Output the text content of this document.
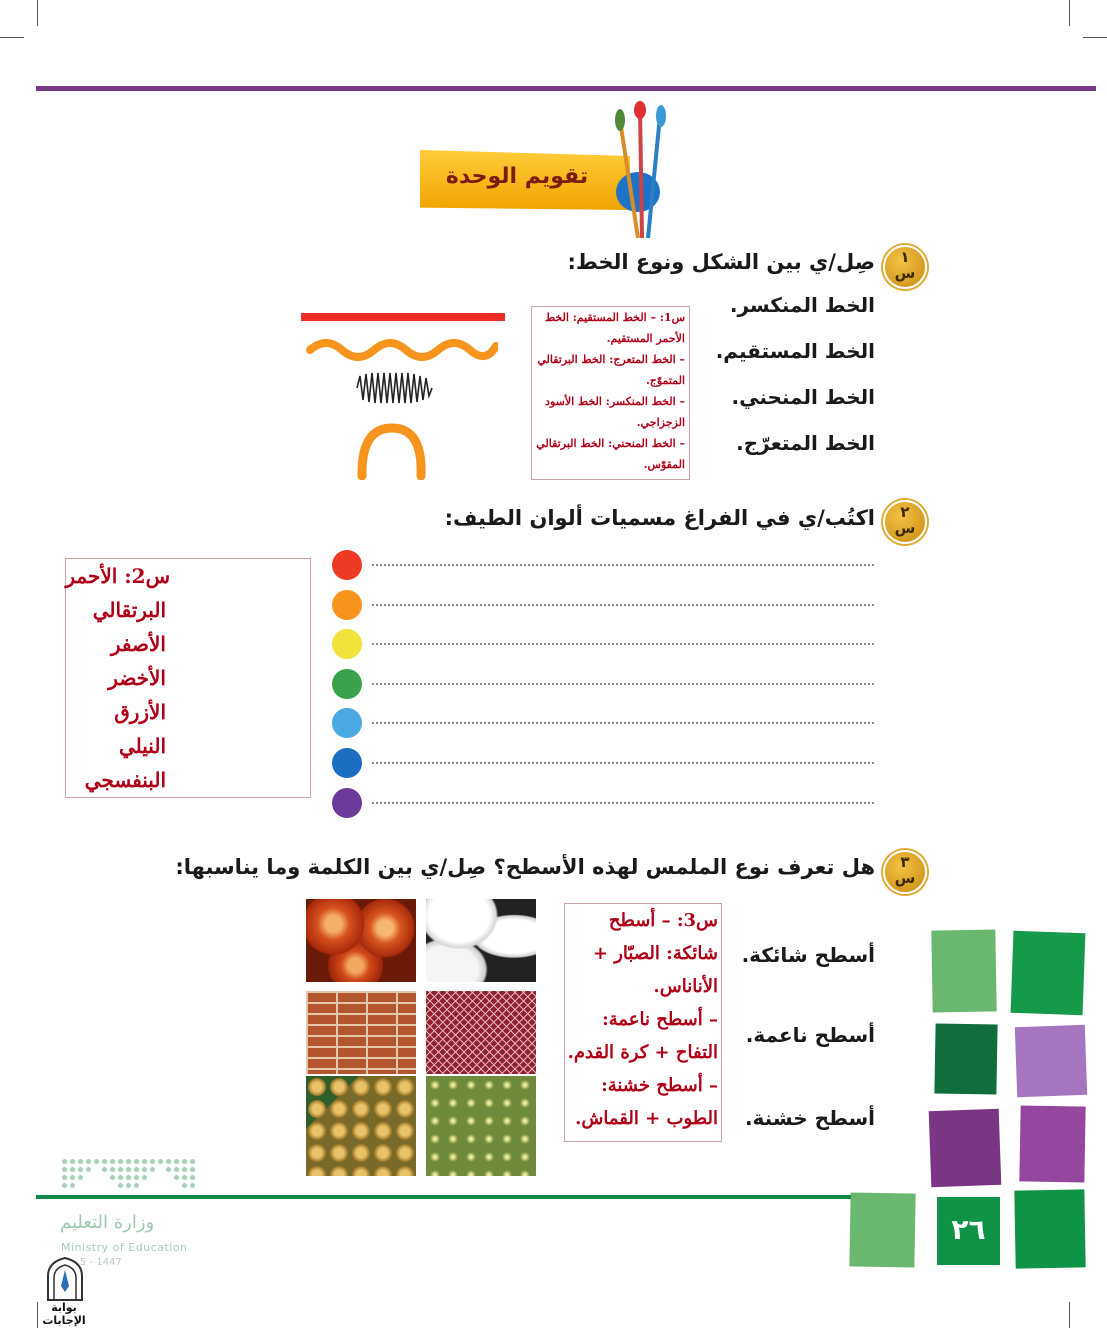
تقويم الوحدة
١
س
صِل/ي بين الشكل ونوع الخط:
الخط المنكسر.
الخط المستقيم.
الخط المنحني.
الخط المتعرّج.
س1: – الخط المستقيم: الخط
الأحمر المستقيم.
– الخط المتعرج: الخط البرتقالي
المتموّج.
– الخط المنكسر: الخط الأسود
الزجزاجي.
– الخط المنحني: الخط البرتقالي
المقوّس.
٢
س
اكتُب/ي في الفراغ مسميات ألوان الطيف:
س2: الأحمر
البرتقالي
الأصفر
الأخضر
الأزرق
النيلي
البنفسجي
٣
س
هل تعرف نوع الملمس لهذه الأسطح؟ صِل/ي بين الكلمة وما يناسبها:
أسطح شائكة.
أسطح ناعمة.
أسطح خشنة.
س3: – أسطح
شائكة: الصبّار +
الأناناس.
– أسطح ناعمة:
التفاح + كرة القدم.
– أسطح خشنة:
الطوب + القماش.
٢٦
وزارة التعليم
Ministry of Education
5 - 1447
بوابة الإجابات
